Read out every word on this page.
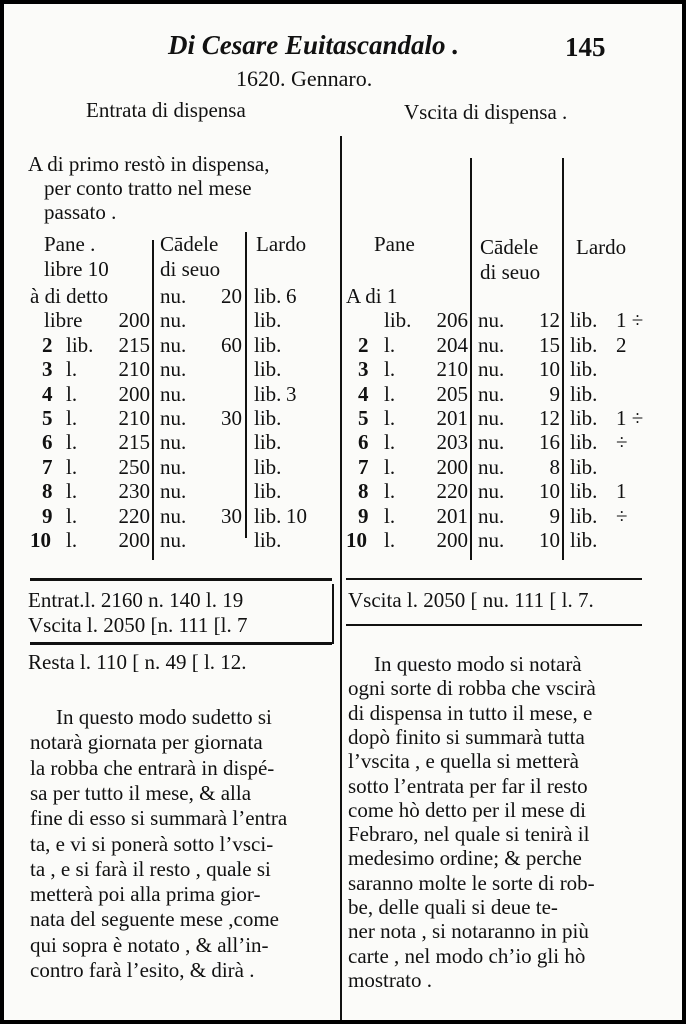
Di Cesare Euitascandalo .	145
1620. Gennaro.
Entrata di dispensa	Vscita di dispensa .
A di primo restò in dispensa,
per conto tratto nel mese
passato .
Pane .
libre 10
Cādele
di seuo
Lardo
à di detto nu. 20 lib. 6
libre 200 nu.	lib.
2 lib. 215 nu. 60 lib.
3 l. 210 nu.	lib.
4 l. 200 nu.	lib. 3
5 l. 210 nu. 30 lib.
6 l. 215 nu.	lib.
7 l. 250 nu.	lib.
8 l. 230 nu.	lib.
9 l. 220 nu. 30 lib. 10
10 l. 200 nu.	lib.
Pane	Cādele
di seuo
Lardo
A di 1
lib. 206 nu. 12 lib. 1 ÷
2 l. 204 nu. 15 lib. 2
3 l. 210 nu. 10 lib.
4 l. 205 nu. 9 lib.
5 l. 201 nu. 12 lib. 1 ÷
6 l. 203 nu. 16 lib. ÷
7 l. 200 nu. 8 lib.
8 l. 220 nu. 10 lib. 1
9 l. 201 nu. 9 lib. ÷
10 l. 200 nu. 10 lib.
In questo modo sudetto si
notarà giornata per giornata
la robba che entrarà in dispé-
sa per tutto il mese, & alla
fine di esso si summarà l’entra
ta, e vi si ponerà sotto l’vsci-
ta , e si farà il resto , quale si
metterà poi alla prima gior-
nata del seguente mese ,come
qui sopra è notato , & all’in-
contro farà l’esito, & dirà .
In questo modo si notarà
ogni sorte di robba che vscirà
di dispensa in tutto il mese, e
dopò finito si summarà tutta
l’vscita , e quella si metterà
sotto l’entrata per far il resto
come hò detto per il mese di
Febraro, nel quale si tenirà il
medesimo ordine; & perche
saranno molte le sorte di rob-
be, delle quali si deue te-
ner nota , si notaranno in più
carte , nel modo ch’io gli hò
mostrato .
Entrat.l. 2160 n. 140 l. 19
Vscita l. 2050 [n. 111 [l. 7
Resta l. 110 [ n. 49 [ l. 12.
Vscita l. 2050 [ nu. 111 [ l. 7.
